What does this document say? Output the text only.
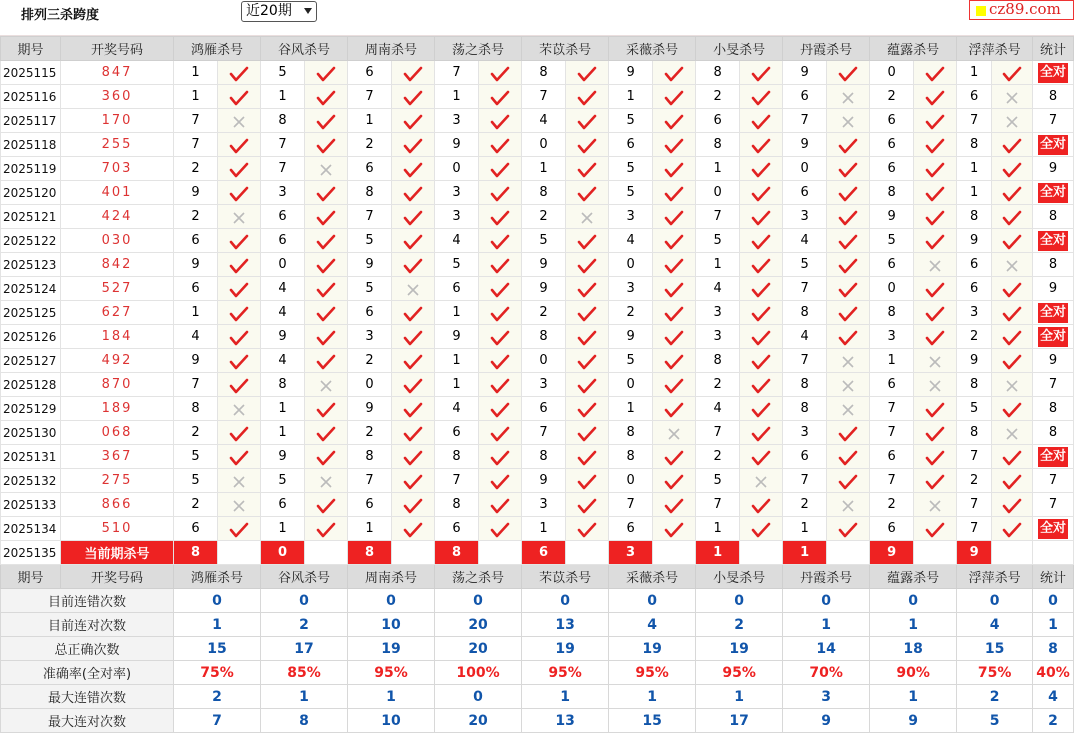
排列三杀跨度	近20期	cz89.com
期号	开奖号码	鸿雁杀号		谷风杀号		周南杀号		荡之杀号		芣苡杀号		采薇杀号		小旻杀号		丹霞杀号		蕴露杀号		浮萍杀号		统计
2025115	847	1		5		6		7		8		9		8		9		0		1		全对
2025116	360	1		1		7		1		7		1		2		6		2		6		8
2025117	170	7		8		1		3		4		5		6		7		6		7		7
2025118	255	7		7		2		9		0		6		8		9		6		8		全对
2025119	703	2		7		6		0		1		5		1		0		6		1		9
2025120	401	9		3		8		3		8		5		0		6		8		1		全对
2025121	424	2		6		7		3		2		3		7		3		9		8		8
2025122	030	6		6		5		4		5		4		5		4		5		9		全对
2025123	842	9		0		9		5		9		0		1		5		6		6		8
2025124	527	6		4		5		6		9		3		4		7		0		6		9
2025125	627	1		4		6		1		2		2		3		8		8		3		全对
2025126	184	4		9		3		9		8		9		3		4		3		2		全对
2025127	492	9		4		2		1		0		5		8		7		1		9		9
2025128	870	7		8		0		1		3		0		2		8		6		8		7
2025129	189	8		1		9		4		6		1		4		8		7		5		8
2025130	068	2		1		2		6		7		8		7		3		7		8		8
2025131	367	5		9		8		8		8		8		2		6		6		7		全对
2025132	275	5		5		7		7		9		0		5		7		7		2		7
2025133	866	2		6		6		8		3		7		7		2		2		7		7
2025134	510	6		1		1		6		1		6		1		1		6		7		全对
2025135	当前期杀号	8		0		8		8		6		3		1		1		9		9		
期号	开奖号码	鸿雁杀号		谷风杀号		周南杀号		荡之杀号		芣苡杀号		采薇杀号		小旻杀号		丹霞杀号		蕴露杀号		浮萍杀号		统计
目前连错次数		0		0		0		0		0		0		0		0		0		0		0
目前连对次数		1		2		10		20		13		4		2		1		1		4		1
总正确次数		15		17		19		20		19		19		19		14		18		15		8
准确率(全对率)		75%		85%		95%		100%		95%		95%		95%		70%		90%		75%		40%
最大连错次数		2		1		1		0		1		1		1		3		1		2		4
最大连对次数		7		8		10		20		13		15		17		9		9		5		2
